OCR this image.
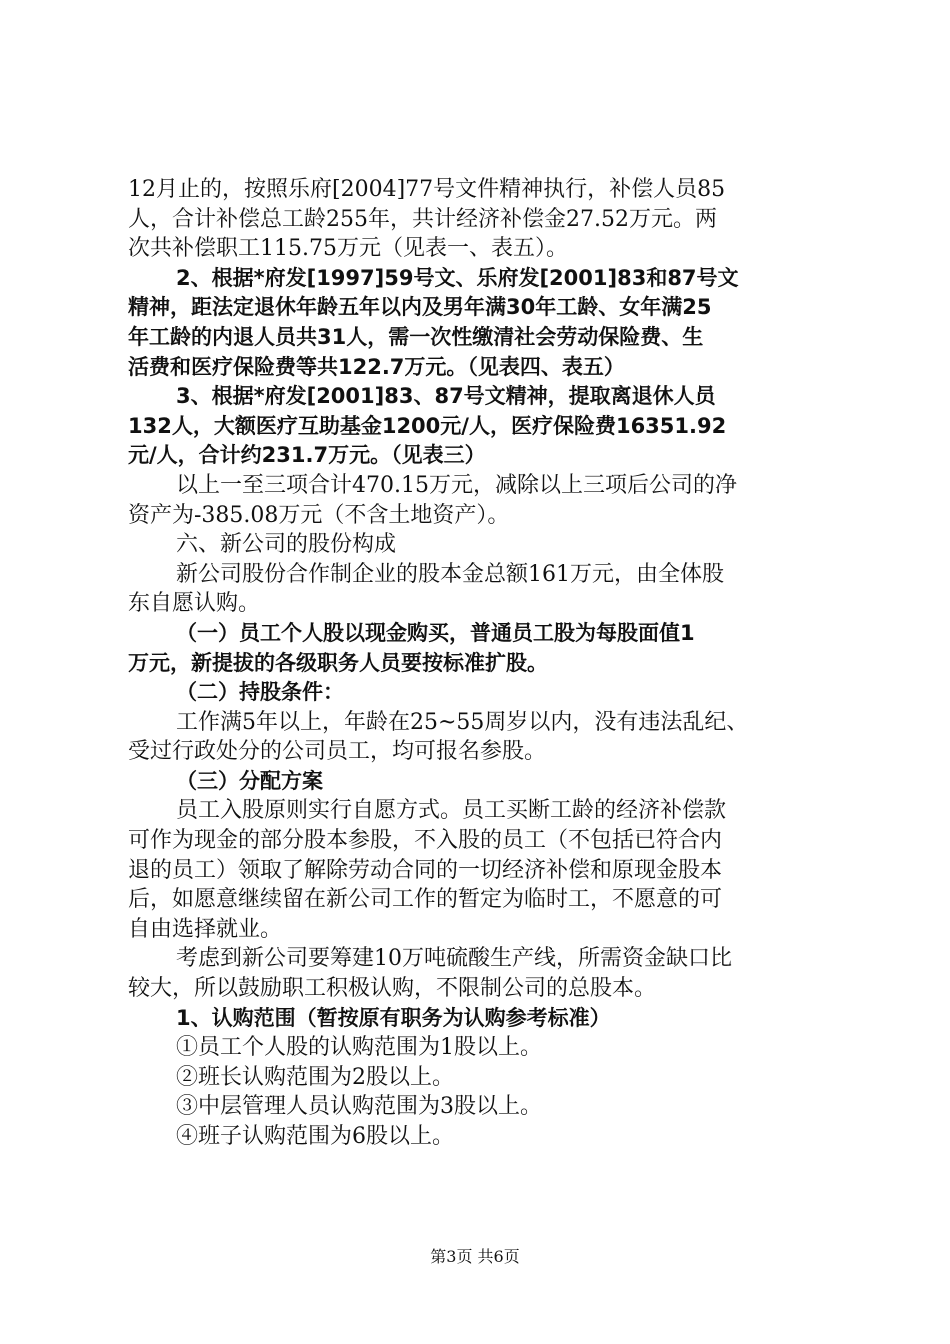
12月止的，按照乐府[2004]77号文件精神执行，补偿人员85

人，合计补偿总工龄255年，共计经济补偿金27.52万元。两

次共补偿职工115.75万元（见表一、表五）。

2、根据*府发[1997]59号文、乐府发[2001]83和87号文

精神，距法定退休年龄五年以内及男年满30年工龄、女年满25

年工龄的内退人员共31人，需一次性缴清社会劳动保险费、生

活费和医疗保险费等共122.7万元。（见表四、表五）

3、根据*府发[2001]83、87号文精神，提取离退休人员

132人，大额医疗互助基金1200元/人，医疗保险费16351.92

元/人，合计约231.7万元。（见表三）

以上一至三项合计470.15万元，减除以上三项后公司的净

资产为-385.08万元（不含土地资产）。

六、新公司的股份构成

新公司股份合作制企业的股本金总额161万元，由全体股

东自愿认购。

（一）员工个人股以现金购买，普通员工股为每股面值1

万元，新提拔的各级职务人员要按标准扩股。

（二）持股条件：

工作满5年以上，年龄在25~55周岁以内，没有违法乱纪、

受过行政处分的公司员工，均可报名参股。

（三）分配方案

员工入股原则实行自愿方式。员工买断工龄的经济补偿款

可作为现金的部分股本参股，不入股的员工（不包括已符合内

退的员工）领取了解除劳动合同的一切经济补偿和原现金股本

后，如愿意继续留在新公司工作的暂定为临时工，不愿意的可

自由选择就业。

考虑到新公司要筹建10万吨硫酸生产线，所需资金缺口比

较大，所以鼓励职工积极认购，不限制公司的总股本。

1、认购范围（暂按原有职务为认购参考标准）

①员工个人股的认购范围为1股以上。

②班长认购范围为2股以上。

③中层管理人员认购范围为3股以上。

④班子认购范围为6股以上。

第3页 共6页
